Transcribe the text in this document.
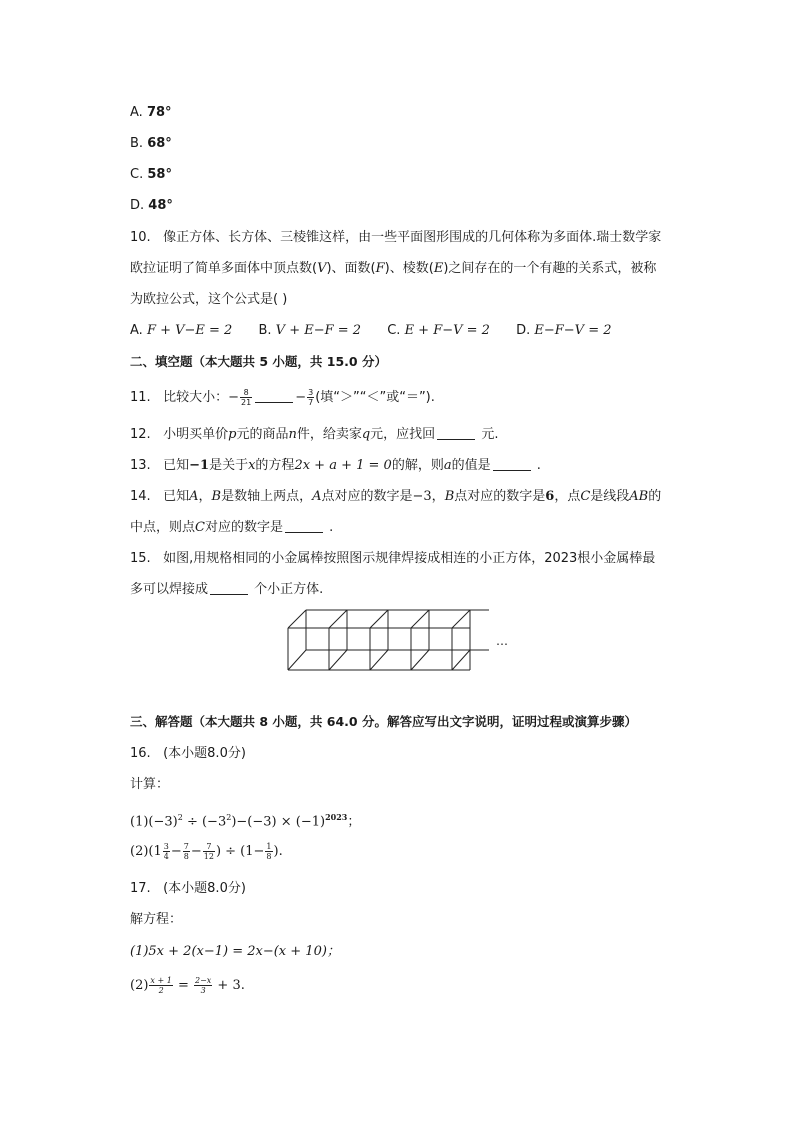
A. 78°
B. 68°
C. 58°
D. 48°
10. 像正方体、长方体、三棱锥这样，由一些平面图形围成的几何体称为多面体.瑞士数学家
欧拉证明了简单多面体中顶点数(V)、面数(F)、棱数(E)之间存在的一个有趣的关系式，被称
为欧拉公式，这个公式是( )
A. F + V−E = 2 B. V + E−F = 2 C. E + F−V = 2 D. E−F−V = 2
二、填空题（本大题共 5 小题，共 15.0 分）
11. 比较大小：− $\frac{8}{21}$	− $\frac{3}{7}$ (填“＞”“＜”或“＝”).
12. 小明买单价p元的商品n件，给卖家q元，应找回	元.
13. 已知−1是关于x的方程2x + a + 1 = 0的解，则a的值是	.
14. 已知A，B是数轴上两点，A点对应的数字是−3，B点对应的数字是6，点C是线段AB的
中点，则点C对应的数字是	.
15. 如图,用规格相同的小金属棒按照图示规律焊接成相连的小正方体，2023根小金属棒最
多可以焊接成	个小正方体.
…
三、解答题（本大题共 8 小题，共 64.0 分。解答应写出文字说明，证明过程或演算步骤）
16. (本小题8.0分)
计算：
$(1)(-3)^2 \div (-3^2)-(-3) \times (-1)^{2023}$；
$(2)(1 \frac{3}{4} - \frac{7}{8} - \frac{7}{12}$ ) ÷ ($1- \frac{1}{8}$ ).
17. (本小题8.0分)
解方程：
(1)5x + 2(x−1) = 2x−(x + 10)；
$(2) \frac{x + 1}{2} = \frac{2-x}{3} + 3$.
